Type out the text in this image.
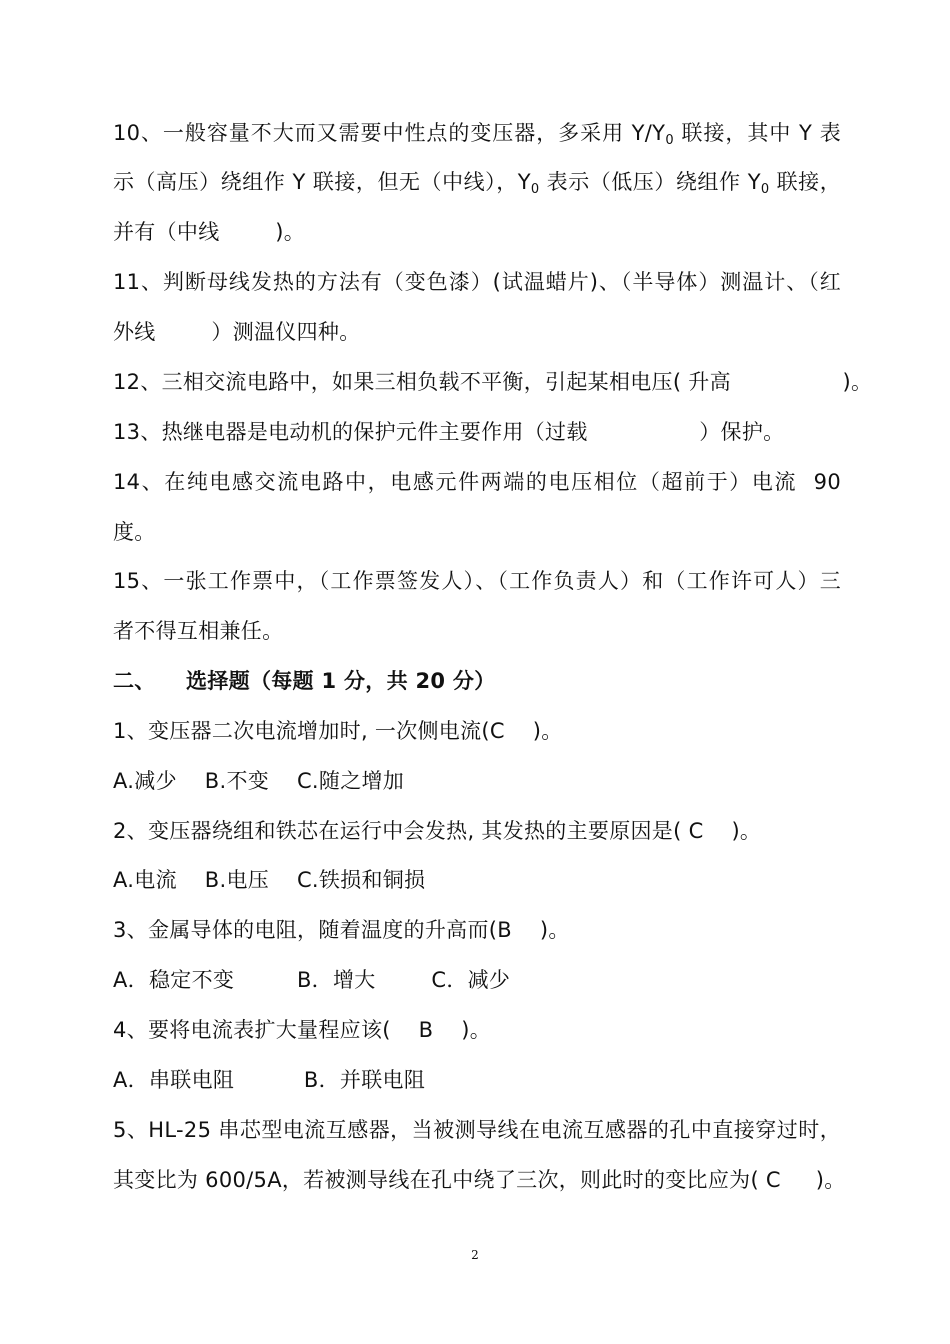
10、一般容量不大而又需要中性点的变压器，多采用 $Y/Y_0$ 联接，其中 Y 表
示（高压）绕组作 Y 联接，但无（中线），$Y_0$ 表示（低压）绕组作 $Y_0$ 联接，
并有（中线        )。
11、判断母线发热的方法有（变色漆）(试温蜡片)、（半导体）测温计、（红
外线        ）测温仪四种。
12、三相交流电路中，如果三相负载不平衡，引起某相电压( 升高                )。
13、热继电器是电动机的保护元件主要作用（过载                ）保护。
14、在纯电感交流电路中，电感元件两端的电压相位（超前于）电流  90
度。
15、一张工作票中，（工作票签发人）、（工作负责人）和（工作许可人）三
者不得互相兼任。
二、    选择题（每题 1 分，共 20 分）
1、变压器二次电流增加时, 一次侧电流(C    )。
A.减少    B.不变    C.随之增加
2、变压器绕组和铁芯在运行中会发热, 其发热的主要原因是( C    )。
A.电流    B.电压    C.铁损和铜损
3、金属导体的电阻，随着温度的升高而(B    )。
A．稳定不变         B．增大        C．减少
4、要将电流表扩大量程应该(    B    )。
A．串联电阻          B．并联电阻
5、HL-25 串芯型电流互感器，当被测导线在电流互感器的孔中直接穿过时，
其变比为 600/5A，若被测导线在孔中绕了三次，则此时的变比应为( C     )。
2
